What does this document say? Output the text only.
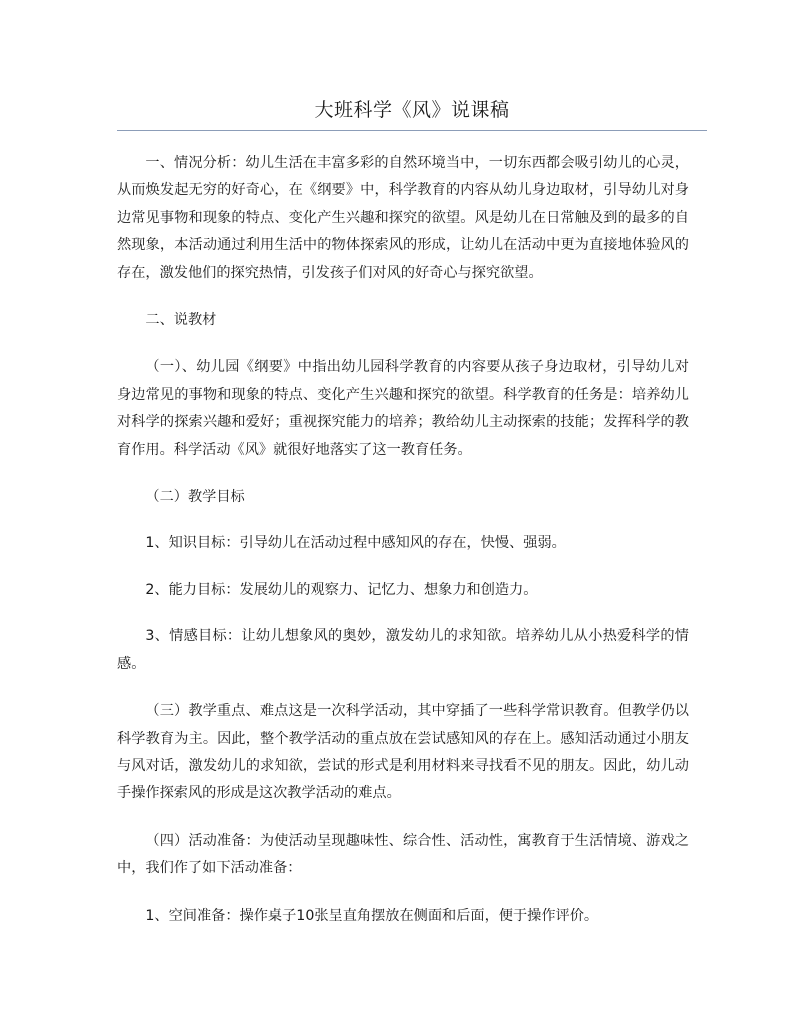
大班科学《风》说课稿

一、情况分析：幼儿生活在丰富多彩的自然环境当中，一切东西都会吸引幼儿的心灵，从而焕发起无穷的好奇心，在《纲要》中，科学教育的内容从幼儿身边取材，引导幼儿对身边常见事物和现象的特点、变化产生兴趣和探究的欲望。风是幼儿在日常触及到的最多的自然现象，本活动通过利用生活中的物体探索风的形成，让幼儿在活动中更为直接地体验风的存在，激发他们的探究热情，引发孩子们对风的好奇心与探究欲望。

二、说教材

（一）、幼儿园《纲要》中指出幼儿园科学教育的内容要从孩子身边取材，引导幼儿对身边常见的事物和现象的特点、变化产生兴趣和探究的欲望。科学教育的任务是：培养幼儿对科学的探索兴趣和爱好；重视探究能力的培养；教给幼儿主动探索的技能；发挥科学的教育作用。科学活动《风》就很好地落实了这一教育任务。

（二）教学目标

1、知识目标：引导幼儿在活动过程中感知风的存在，快慢、强弱。

2、能力目标：发展幼儿的观察力、记忆力、想象力和创造力。

3、情感目标：让幼儿想象风的奥妙，激发幼儿的求知欲。培养幼儿从小热爱科学的情感。

（三）教学重点、难点这是一次科学活动，其中穿插了一些科学常识教育。但教学仍以科学教育为主。因此，整个教学活动的重点放在尝试感知风的存在上。感知活动通过小朋友与风对话，激发幼儿的求知欲，尝试的形式是利用材料来寻找看不见的朋友。因此，幼儿动手操作探索风的形成是这次教学活动的难点。

（四）活动准备：为使活动呈现趣味性、综合性、活动性，寓教育于生活情境、游戏之中，我们作了如下活动准备：

1、空间准备：操作桌子10张呈直角摆放在侧面和后面，便于操作评价。
